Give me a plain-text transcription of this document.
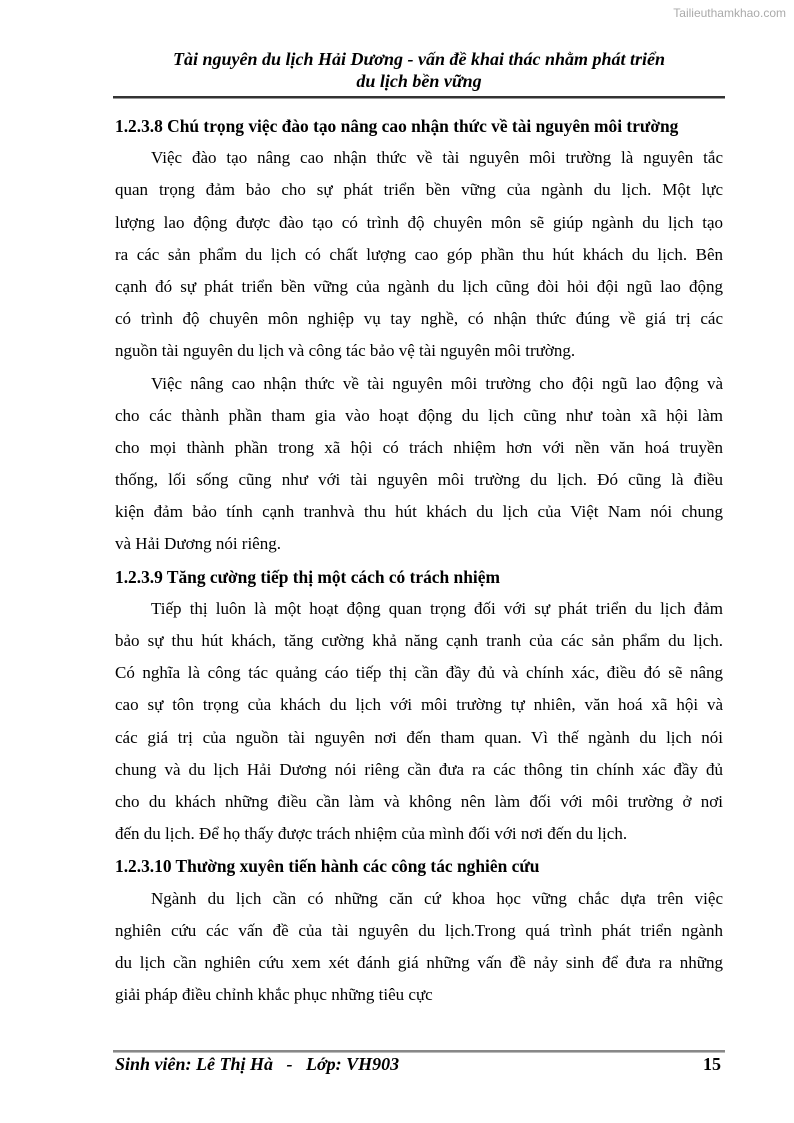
Tailieuthamkhao.com
Tài nguyên du lịch Hải Dương - vấn đề khai thác nhằm phát triển
du lịch bền vững
1.2.3.8 Chú trọng việc đào tạo nâng cao nhận thức về tài nguyên môi trường
Việc đào tạo nâng cao nhận thức về tài nguyên môi trường là nguyên tắc
quan trọng đảm bảo cho sự phát triển bền vững của ngành du lịch. Một lực
lượng lao động được đào tạo có trình độ chuyên môn sẽ giúp ngành du lịch tạo
ra các sản phẩm du lịch có chất lượng cao góp phần thu hút khách du lịch. Bên
cạnh đó sự phát triển bền vững của ngành du lịch cũng đòi hỏi đội ngũ lao động
có trình độ chuyên môn nghiệp vụ tay nghề, có nhận thức đúng về giá trị các
nguồn tài nguyên du lịch và công tác bảo vệ tài nguyên môi trường.
Việc nâng cao nhận thức về tài nguyên môi trường cho đội ngũ lao động và
cho các thành phần tham gia vào hoạt động du lịch cũng như toàn xã hội làm
cho mọi thành phần trong xã hội có trách nhiệm hơn với nền văn hoá truyền
thống, lối sống cũng như với tài nguyên môi trường du lịch. Đó cũng là điều
kiện đảm bảo tính cạnh tranhvà thu hút khách du lịch của Việt Nam nói chung
và Hải Dương nói riêng.
1.2.3.9 Tăng cường tiếp thị một cách có trách nhiệm
Tiếp thị luôn là một hoạt động quan trọng đối với sự phát triển du lịch đảm
bảo sự thu hút khách, tăng cường khả năng cạnh tranh của các sản phẩm du lịch.
Có nghĩa là công tác quảng cáo tiếp thị cần đầy đủ và chính xác, điều đó sẽ nâng
cao sự tôn trọng của khách du lịch với môi trường tự nhiên, văn hoá xã hội và
các giá trị của nguồn tài nguyên nơi đến tham quan. Vì thế ngành du lịch nói
chung và du lịch Hải Dương nói riêng cần đưa ra các thông tin chính xác đầy đủ
cho du khách những điều cần làm và không nên làm đối với môi trường ở nơi
đến du lịch. Để họ thấy được trách nhiệm của mình đối với nơi đến du lịch.
1.2.3.10 Thường xuyên tiến hành các công tác nghiên cứu
Ngành du lịch cần có những căn cứ khoa học vững chắc dựa trên việc
nghiên cứu các vấn đề của tài nguyên du lịch.Trong quá trình phát triển ngành
du lịch cần nghiên cứu xem xét đánh giá những vấn đề nảy sinh để đưa ra những
giải pháp điều chỉnh khắc phục những tiêu cực
Sinh viên: Lê Thị Hà   -   Lớp: VH903	15
